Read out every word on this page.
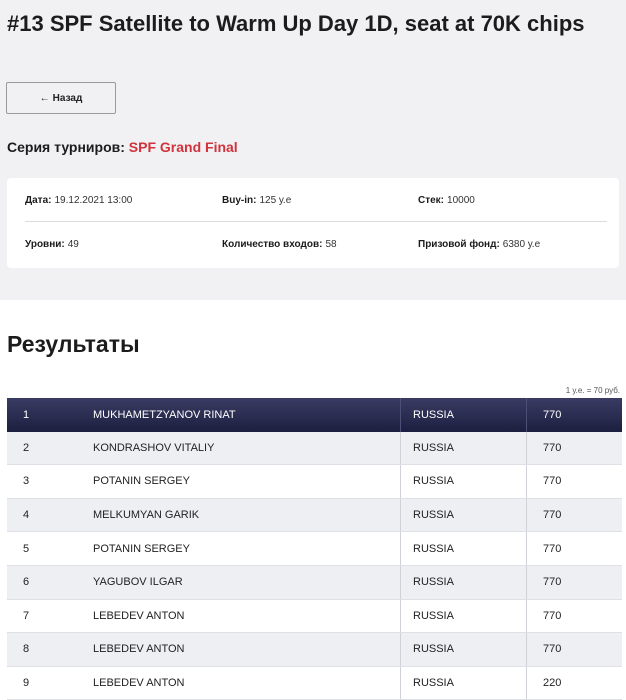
#13 SPF Satellite to Warm Up Day 1D, seat at 70K chips
← Назад
Серия турниров: SPF Grand Final
Дата: 19.12.2021 13:00	Buy-in: 125 у.е	Стек: 10000
Уровни: 49	Количество входов: 58	Призовой фонд: 6380 у.е
Результаты
1 у.е. = 70 руб.
1	MUKHAMETZYANOV RINAT	RUSSIA	770
2	KONDRASHOV VITALIY	RUSSIA	770
3	POTANIN SERGEY	RUSSIA	770
4	MELKUMYAN GARIK	RUSSIA	770
5	POTANIN SERGEY	RUSSIA	770
6	YAGUBOV ILGAR	RUSSIA	770
7	LEBEDEV ANTON	RUSSIA	770
8	LEBEDEV ANTON	RUSSIA	770
9	LEBEDEV ANTON	RUSSIA	220
